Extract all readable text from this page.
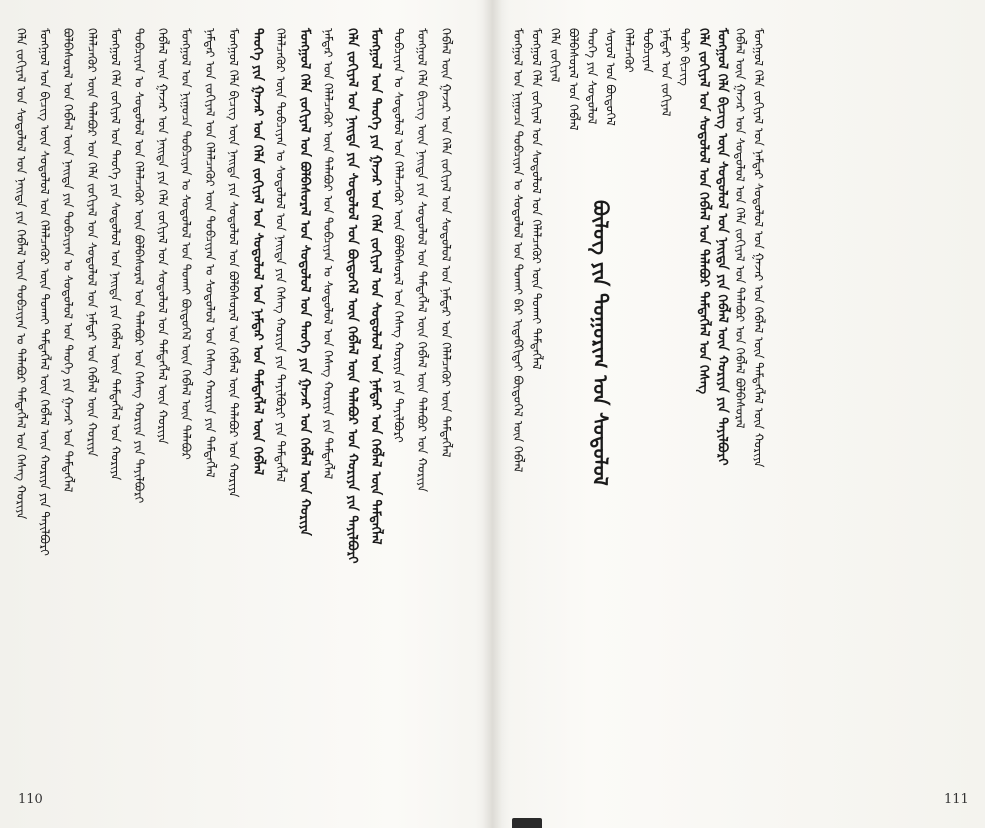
ᠬᠡᠯᠡ ᠵᠣᠬᠢᠶᠠᠯ ᠤᠨ ᠰᠤᠳᠤᠯᠤᠯ ᠤᠨ ᠨᠡᠢᠲᠡ ᠶᠢᠨ ᠬᠡᠪᠯᠡᠯ ᠦᠨ ᠲᠣᠪᠴᠢᠶᠠᠨ ᠤ ᠲᠠᠯᠠᠪᠤᠷ ᠲᠡᠮᠳᠡᠭᠯᠡᠯ ᠤᠨ ᠬᠡᠰᠡᠭ ᠬᠣᠷᠢᠶᠠ ᠮᠣᠩᠭᠣᠯ ᠤᠨ ᠪᠢᠴᠢᠭ ᠦᠨ ᠰᠤᠳᠤᠯᠤᠯ ᠤᠨ ᠬᠡᠯᠡᠯᠴᠡᠭᠦᠷ ᠦᠨ ᠲᠤᠬᠠᠢ ᠲᠡᠮᠳᠡᠭᠯᠡᠯ ᠦᠨ ᠬᠡᠪᠯᠡᠯ ᠦᠨ ᠬᠣᠷᠢᠶᠠ ᠶᠢᠨ ᠲᠠᠶᠢᠯᠪᠤᠷᠢ ᠪᠣᠯᠪᠠᠰᠤᠷᠠᠯ ᠤᠨ ᠬᠡᠪᠯᠡᠯ ᠦᠨ ᠨᠡᠢᠲᠡ ᠶᠢᠨ ᠲᠣᠪᠴᠢᠶᠠᠨ ᠤ ᠰᠣᠳᠤᠯᠤᠯ ᠤᠨ ᠲᠡᠦᠬᠡ ᠶᠢᠨ ᠭᠠᠵᠠᠷ ᠤᠨ ᠲᠡᠮᠳᠡᠭᠯᠡᠯ ᠬᠡᠯᠡᠯᠴᠡᠭᠦᠷ ᠦᠨ ᠲᠠᠯᠠᠪᠤᠷ ᠤᠨ ᠬᠡᠯᠡ ᠵᠣᠬᠢᠶᠠᠯ ᠤᠨ ᠰᠤᠳᠤᠯᠤᠯ ᠤᠨ ᠨᠠᠮᠲᠠᠷ ᠤᠨ ᠬᠡᠪᠯᠡᠯ ᠦᠨ ᠬᠣᠷᠢᠶᠠ ᠮᠣᠩᠭᠣᠯ ᠬᠡᠯᠡ ᠵᠣᠬᠢᠶᠠᠯ ᠤᠨ ᠲᠡᠦᠬᠡ ᠶᠢᠨ ᠰᠤᠳᠤᠯᠤᠯ ᠤᠨ ᠨᠡᠢᠲᠡ ᠶᠢᠨ ᠬᠡᠪᠯᠡᠯ ᠦᠨ ᠲᠡᠮᠳᠡᠭᠯᠡᠯ ᠤᠨ ᠬᠣᠷᠢᠶᠠ ᠲᠣᠪᠴᠢᠶᠠᠨ ᠤ ᠰᠣᠳᠤᠯᠤᠯ ᠤᠨ ᠬᠡᠯᠡᠯᠴᠡᠭᠦᠷ ᠦᠨ ᠪᠣᠯᠪᠠᠰᠤᠷᠠᠯ ᠤᠨ ᠲᠠᠯᠠᠪᠤᠷ ᠤᠨ ᠬᠡᠰᠡᠭ ᠬᠣᠷᠢᠶᠠ ᠶᠢᠨ ᠲᠠᠶᠢᠯᠪᠤᠷᠢ ᠬᠡᠪᠯᠡᠯ ᠦᠨ ᠭᠠᠵᠠᠷ ᠤᠨ ᠨᠡᠢᠲᠡ ᠶᠢᠨ ᠬᠡᠯᠡ ᠵᠣᠬᠢᠶᠠᠯ ᠤᠨ ᠰᠤᠳᠤᠯᠤᠯ ᠤᠨ ᠲᠡᠮᠳᠡᠭᠯᠡᠯ ᠦᠨ ᠬᠣᠷᠢᠶᠠ ᠮᠣᠩᠭᠣᠯ ᠤᠨ ᠨᠢᠭᠤᠴᠠ ᠲᠣᠪᠴᠢᠶᠠᠨ ᠤ ᠰᠤᠳᠤᠯᠤᠯ ᠤᠨ ᠲᠤᠬᠠᠢ ᠪᠦᠲᠦᠭᠡᠯ ᠦᠨ ᠬᠡᠪᠯᠡᠯ ᠦᠨ ᠲᠠᠯᠠᠪᠤᠷ ᠨᠠᠮᠲᠠᠷ ᠤᠨ ᠵᠣᠬᠢᠶᠠᠯ ᠤᠨ ᠬᠡᠯᠡᠯᠴᠡᠭᠦᠷ ᠦᠨ ᠲᠣᠪᠴᠢᠶᠠᠨ ᠤ ᠰᠣᠳᠤᠯᠤᠯ ᠤᠨ ᠬᠡᠰᠡᠭ ᠬᠣᠷᠢᠶᠠ ᠶᠢᠨ ᠲᠡᠮᠳᠡᠭᠯᠡᠯ ᠮᠣᠩᠭᠣᠯ ᠬᠡᠯᠡ ᠪᠢᠴᠢᠭ ᠦᠨ ᠨᠡᠢᠲᠡ ᠶᠢᠨ ᠰᠤᠳᠤᠯᠤᠯ ᠤᠨ ᠪᠣᠯᠪᠠᠰᠤᠷᠠᠯ ᠤᠨ ᠬᠡᠪᠯᠡᠯ ᠦᠨ ᠲᠠᠯᠠᠪᠤᠷ ᠤᠨ ᠬᠣᠷᠢᠶᠠ ᠲᠡᠦᠬᠡ ᠶᠢᠨ ᠭᠠᠵᠠᠷ ᠤᠨ ᠬᠡᠯᠡ ᠵᠣᠬᠢᠶᠠᠯ ᠤᠨ ᠰᠤᠳᠤᠯᠤᠯ ᠤᠨ ᠨᠠᠮᠲᠠᠷ ᠤᠨ ᠲᠡᠮᠳᠡᠭᠯᠡᠯ ᠦᠨ ᠬᠡᠪᠯᠡᠯ ᠬᠡᠯᠡᠯᠴᠡᠭᠦᠷ ᠦᠨ ᠲᠣᠪᠴᠢᠶᠠᠨ ᠤ ᠰᠣᠳᠤᠯᠤᠯ ᠤᠨ ᠨᠡᠢᠲᠡ ᠶᠢᠨ ᠬᠡᠰᠡᠭ ᠬᠣᠷᠢᠶᠠ ᠶᠢᠨ ᠲᠠᠶᠢᠯᠪᠤᠷᠢ ᠶᠢᠨ ᠲᠡᠮᠳᠡᠭᠯᠡᠯ ᠮᠣᠩᠭᠣᠯ ᠬᠡᠯᠡ ᠵᠣᠬᠢᠶᠠᠯ ᠤᠨ ᠪᠣᠯᠪᠠᠰᠤᠷᠠᠯ ᠤᠨ ᠰᠤᠳᠤᠯᠤᠯ ᠤᠨ ᠲᠡᠦᠬᠡ ᠶᠢᠨ ᠭᠠᠵᠠᠷ ᠤᠨ ᠬᠡᠪᠯᠡᠯ ᠦᠨ ᠬᠣᠷᠢᠶᠠ ᠨᠠᠮᠲᠠᠷ ᠤᠨ ᠬᠡᠯᠡᠯᠴᠡᠭᠦᠷ ᠦᠨ ᠲᠠᠯᠠᠪᠤᠷ ᠤᠨ ᠲᠣᠪᠴᠢᠶᠠᠨ ᠤ ᠰᠣᠳᠤᠯᠤᠯ ᠤᠨ ᠬᠡᠰᠡᠭ ᠬᠣᠷᠢᠶᠠ ᠶᠢᠨ ᠲᠡᠮᠳᠡᠭᠯᠡᠯ ᠬᠡᠯᠡ ᠵᠣᠬᠢᠶᠠᠯ ᠤᠨ ᠨᠡᠢᠲᠡ ᠶᠢᠨ ᠰᠤᠳᠤᠯᠤᠯ ᠤᠨ ᠪᠦᠲᠦᠭᠡᠯ ᠦᠨ ᠬᠡᠪᠯᠡᠯ ᠦᠨ ᠲᠠᠯᠠᠪᠤᠷ ᠤᠨ ᠬᠣᠷᠢᠶᠠ ᠶᠢᠨ ᠲᠠᠶᠢᠯᠪᠤᠷᠢ ᠮᠣᠩᠭᠣᠯ ᠤᠨ ᠲᠡᠦᠬᠡ ᠶᠢᠨ ᠭᠠᠵᠠᠷ ᠤᠨ ᠬᠡᠯᠡ ᠵᠣᠬᠢᠶᠠᠯ ᠤᠨ ᠰᠤᠳᠤᠯᠤᠯ ᠤᠨ ᠨᠠᠮᠲᠠᠷ ᠤᠨ ᠬᠡᠪᠯᠡᠯ ᠦᠨ ᠲᠡᠮᠳᠡᠭᠯᠡᠯ ᠲᠣᠪᠴᠢᠶᠠᠨ ᠤ ᠰᠣᠳᠤᠯᠤᠯ ᠤᠨ ᠬᠡᠯᠡᠯᠴᠡᠭᠦᠷ ᠦᠨ ᠪᠣᠯᠪᠠᠰᠤᠷᠠᠯ ᠤᠨ ᠬᠡᠰᠡᠭ ᠬᠣᠷᠢᠶᠠ ᠶᠢᠨ ᠲᠠᠶᠢᠯᠪᠤᠷᠢ ᠮᠣᠩᠭᠣᠯ ᠬᠡᠯᠡ ᠪᠢᠴᠢᠭ ᠦᠨ ᠨᠡᠢᠲᠡ ᠶᠢᠨ ᠰᠤᠳᠤᠯᠤᠯ ᠤᠨ ᠲᠡᠮᠳᠡᠭᠯᠡᠯ ᠦᠨ ᠬᠡᠪᠯᠡᠯ ᠦᠨ ᠲᠠᠯᠠᠪᠤᠷ ᠤᠨ ᠬᠣᠷᠢᠶᠠ ᠬᠡᠪᠯᠡᠯ ᠦᠨ ᠭᠠᠵᠠᠷ ᠤᠨ ᠬᠡᠯᠡ ᠵᠣᠬᠢᠶᠠᠯ ᠤᠨ ᠰᠤᠳᠤᠯᠤᠯ ᠤᠨ ᠨᠠᠮᠲᠠᠷ ᠤᠨ ᠬᠡᠯᠡᠯᠴᠡᠭᠦᠷ ᠦᠨ ᠲᠡᠮᠳᠡᠭᠯᠡᠯ	ᠮᠣᠩᠭᠣᠯ ᠤᠨ ᠨᠢᠭᠤᠴᠠ ᠲᠣᠪᠴᠢᠶᠠᠨ ᠤ ᠰᠤᠳᠤᠯᠤᠯ ᠤᠨ ᠲᠤᠬᠠᠢ ᠪᠠᠷ ᠢᠳᠡᠪᠬᠢᠲᠡᠢ ᠪᠦᠲᠦᠭᠡᠯ ᠦᠨ ᠬᠡᠪᠯᠡᠯ ᠮᠣᠩᠭᠣᠯ ᠬᠡᠯᠡ ᠵᠣᠬᠢᠶᠠᠯ ᠤᠨ ᠰᠤᠳᠤᠯᠤᠯ ᠤᠨ ᠬᠡᠯᠡᠯᠴᠡᠭᠦᠷ ᠦᠨ ᠲᠤᠬᠠᠢ ᠲᠡᠮᠳᠡᠭᠯᠡᠯ ᠬᠡᠯᠡ ᠵᠣᠬᠢᠶᠠᠯ ᠪᠣᠯᠪᠠᠰᠤᠷᠠᠯ ᠤᠨ ᠬᠡᠪᠯᠡᠯ ᠲᠡᠦᠬᠡ ᠶᠢᠨ ᠰᠤᠳᠤᠯᠤᠯ ᠰᠣᠶᠣᠯ ᠤᠨ ᠪᠦᠲᠦᠭᠡᠯ ᠬᠡᠯᠡᠯᠴᠡᠭᠦᠷ ᠲᠣᠪᠴᠢᠶᠠᠨ ᠨᠠᠮᠲᠠᠷ ᠤᠨ ᠵᠣᠬᠢᠶᠠᠯ ᠲᠣᠯᠢ ᠪᠢᠴᠢᠭ ᠬᠡᠯᠡ ᠵᠣᠬᠢᠶᠠᠯ ᠤᠨ ᠰᠤᠳᠤᠯᠤᠯ ᠤᠨ ᠬᠡᠪᠯᠡᠯ ᠤᠨ ᠲᠠᠯᠠᠪᠤᠷ ᠲᠡᠮᠳᠡᠭᠯᠡᠯ ᠤᠨ ᠬᠡᠰᠡᠭ ᠮᠣᠩᠭᠣᠯ ᠬᠡᠯᠡ ᠪᠢᠴᠢᠭ ᠦᠨ ᠰᠤᠳᠤᠯᠤᠯ ᠤᠨ ᠨᠡᠢᠲᠡ ᠶᠢᠨ ᠬᠡᠪᠯᠡᠯ ᠦᠨ ᠬᠣᠷᠢᠶᠠ ᠶᠢᠨ ᠲᠠᠶᠢᠯᠪᠤᠷᠢ ᠬᠡᠪᠯᠡᠯ ᠦᠨ ᠭᠠᠵᠠᠷ ᠤᠨ ᠰᠤᠳᠤᠯᠤᠯ ᠤᠨ ᠬᠡᠯᠡ ᠵᠣᠬᠢᠶᠠᠯ ᠤᠨ ᠲᠠᠯᠠᠪᠤᠷ ᠤᠨ ᠬᠡᠪᠯᠡᠯ ᠪᠣᠯᠪᠠᠰᠤᠷᠠᠯ ᠮᠣᠩᠭᠣᠯ ᠬᠡᠯᠡ ᠵᠣᠬᠢᠶᠠᠯ ᠤᠨ ᠨᠠᠮᠲᠠᠷ ᠰᠣᠳᠤᠯᠤᠯ ᠤᠨ ᠭᠠᠵᠠᠷ ᠤᠨ ᠬᠡᠪᠯᠡᠯ ᠦᠨ ᠲᠡᠮᠳᠡᠭᠯᠡᠯ ᠦᠨ ᠬᠣᠷᠢᠶᠠ
ᠪᠦᠯᠦᠭ ᠶᠢᠨ ᠲᠣᠭᠣᠷᠢᠭ ᠤᠨ ᠰᠣᠳᠤᠯᠤᠯ
110	111
